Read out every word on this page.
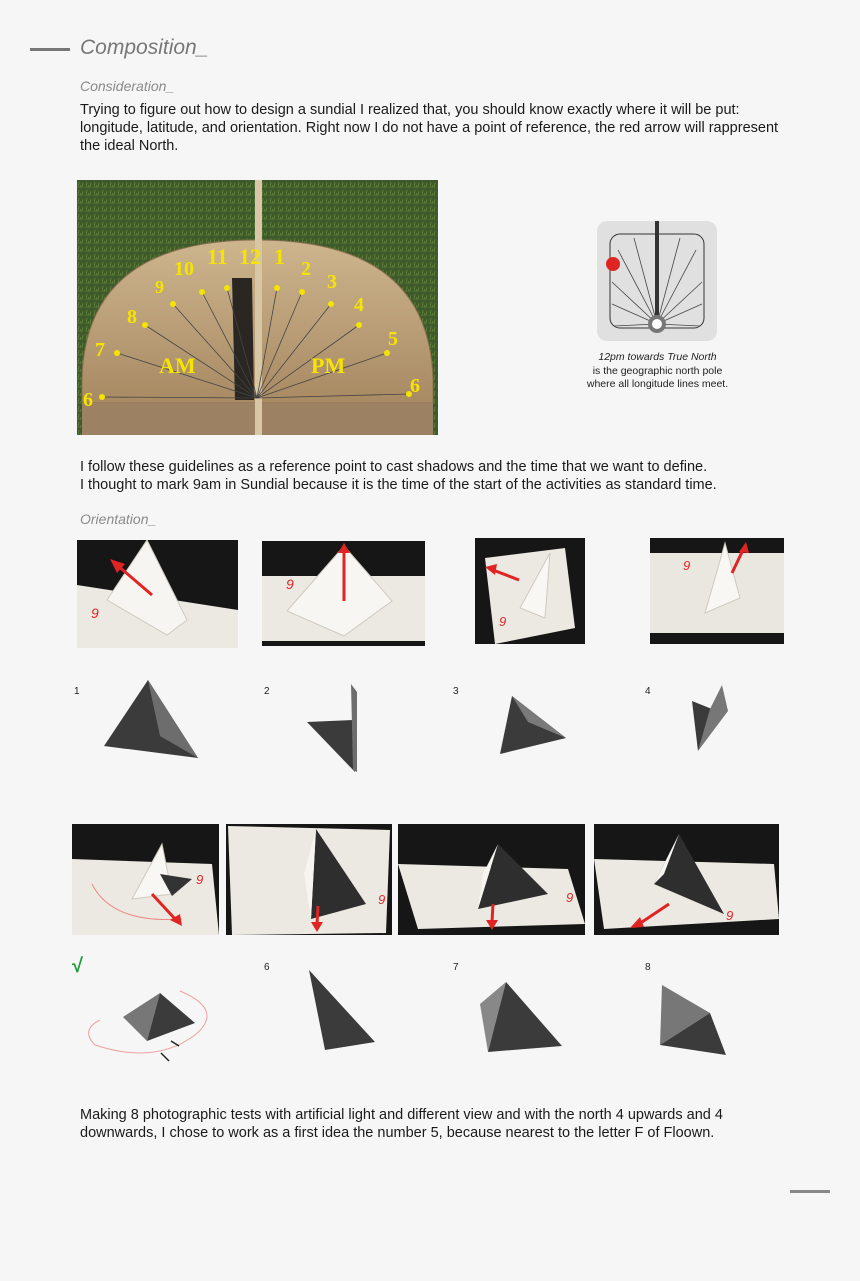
Composition_
Consideration_
Trying to figure out how to design a sundial I realized that, you should know exactly where it will be put: longitude, latitude, and orientation. Right now I do not have a point of reference, the red arrow will rappresent the ideal North.
6
7
8
9
10 11 12 1 2
3
4
5
6
AM	PM	12pm towards True North
is the geographic north pole
where all longitude lines meet.
I follow these guidelines as a reference point to cast shadows and the time that we want to define.
I thought to mark 9am in Sundial because it is the time of the start of the activities as standard time.
Orientation_
9
9
9
9
1	2	3	4
9
9	9
9
√	6	7	8
Making 8 photographic tests with artificial light and different view and with the north 4 upwards and 4 downwards, I chose to work as a first idea the number 5, because nearest to the letter F of Floown.
